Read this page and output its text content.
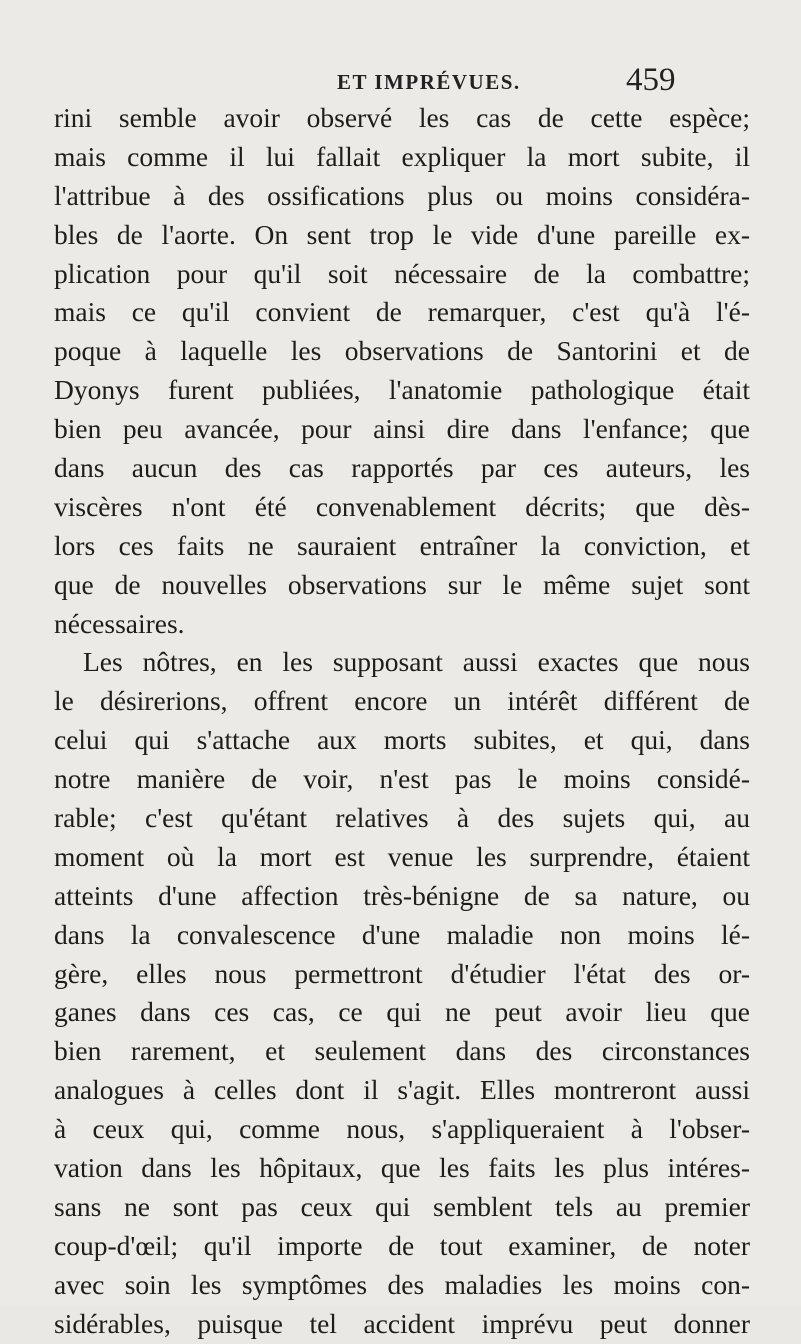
ET IMPRÉVUES.	459
rini semble avoir observé les cas de cette espèce;
mais comme il lui fallait expliquer la mort subite, il
l'attribue à des ossifications plus ou moins considéra-
bles de l'aorte. On sent trop le vide d'une pareille ex-
plication pour qu'il soit nécessaire de la combattre;
mais ce qu'il convient de remarquer, c'est qu'à l'é-
poque à laquelle les observations de Santorini et de
Dyonys furent publiées, l'anatomie pathologique était
bien peu avancée, pour ainsi dire dans l'enfance; que
dans aucun des cas rapportés par ces auteurs, les
viscères n'ont été convenablement décrits; que dès-
lors ces faits ne sauraient entraîner la conviction, et
que de nouvelles observations sur le même sujet sont
nécessaires.
Les nôtres, en les supposant aussi exactes que nous
le désirerions, offrent encore un intérêt différent de
celui qui s'attache aux morts subites, et qui, dans
notre manière de voir, n'est pas le moins considé-
rable; c'est qu'étant relatives à des sujets qui, au
moment où la mort est venue les surprendre, étaient
atteints d'une affection très-bénigne de sa nature, ou
dans la convalescence d'une maladie non moins lé-
gère, elles nous permettront d'étudier l'état des or-
ganes dans ces cas, ce qui ne peut avoir lieu que
bien rarement, et seulement dans des circonstances
analogues à celles dont il s'agit. Elles montreront aussi
à ceux qui, comme nous, s'appliqueraient à l'obser-
vation dans les hôpitaux, que les faits les plus intéres-
sans ne sont pas ceux qui semblent tels au premier
coup-d'œil; qu'il importe de tout examiner, de noter
avec soin les symptômes des maladies les moins con-
sidérables, puisque tel accident imprévu peut donner
